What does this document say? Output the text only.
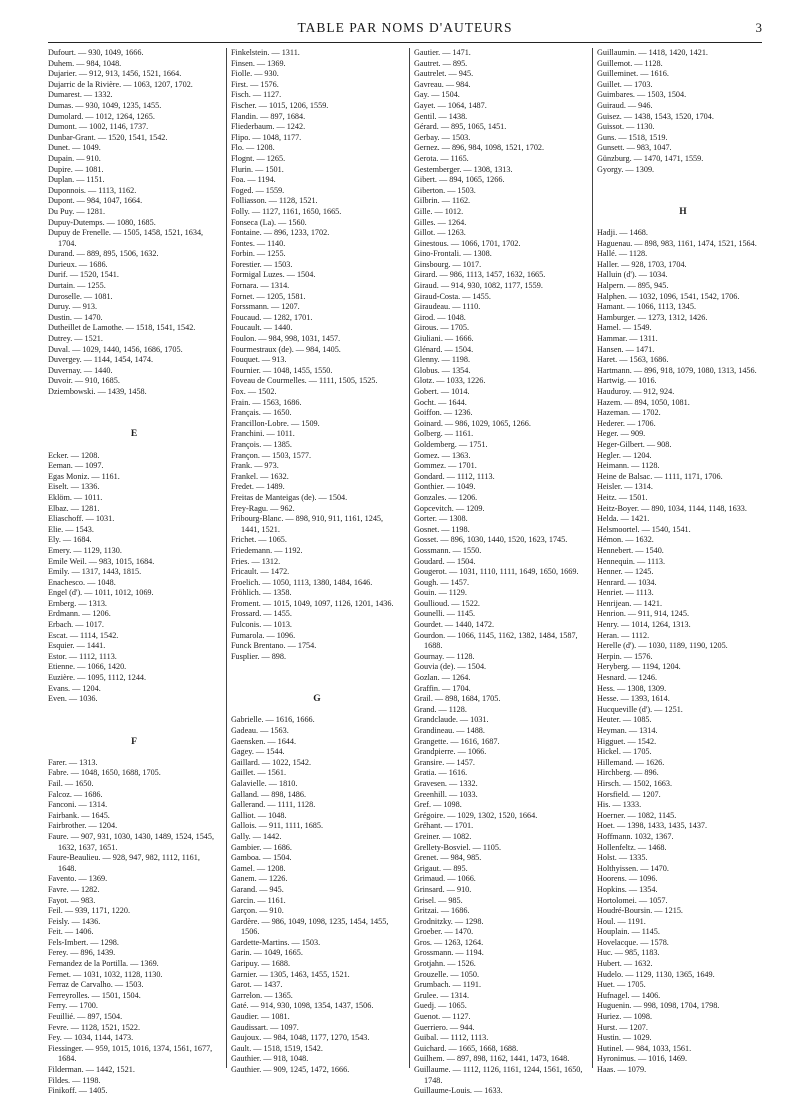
TABLE PAR NOMS D'AUTEURS	3
Dufourt. — 930, 1049, 1666.
Duhem. — 984, 1048.
Dujarier. — 912, 913, 1456, 1521, 1664.
Dujarric de la Rivière. — 1063, 1207, 1702.
Dumarest. — 1332.
Dumas. — 930, 1049, 1235, 1455.
Dumolard. — 1012, 1264, 1265.
Dumont. — 1002, 1146, 1737.
Dunbar-Grant. — 1520, 1541, 1542.
Dunet. — 1049.
Dupain. — 910.
Dupire. — 1081.
Duplan. — 1151.
Duponnois. — 1113, 1162.
Dupont. — 984, 1047, 1664.
Du Puy. — 1281.
Dupuy-Dutemps. — 1080, 1685.
Dupuy de Frenelle. — 1505, 1458, 1521, 1634, 1704.
Durand. — 889, 895, 1506, 1632.
Durieux. — 1686.
Durif. — 1520, 1541.
Durtain. — 1255.
Duroselle. — 1081.
Duruy. — 913.
Dustin. — 1470.
Dutheillet de Lamothe. — 1518, 1541, 1542.
Dutrey. — 1521.
Duval. — 1029, 1440, 1456, 1686, 1705.
Duvergey. — 1144, 1454, 1474.
Duvernay. — 1440.
Duvoir. — 910, 1685.
Dziembowski. — 1439, 1458.
E
Ecker. — 1208.
Eeman. — 1097.
Egas Moniz. — 1161.
Eiselt. — 1336.
Eklöm. — 1011.
Elbaz. — 1281.
Eliaschoff. — 1031.
Elie. — 1543.
Ely. — 1684.
Emery. — 1129, 1130.
Emile Weil. — 983, 1015, 1684.
Emily. — 1317, 1443, 1815.
Enachesco. — 1048.
Engel (d'). — 1011, 1012, 1069.
Ernberg. — 1313.
Erdmann. — 1206.
Erbach. — 1017.
Escat. — 1114, 1542.
Esquier. — 1441.
Estor. — 1112, 1113.
Etienne. — 1066, 1420.
Euzière. — 1095, 1112, 1244.
Evans. — 1204.
Even. — 1036.
F
Farer. — 1313.
Fabre. — 1048, 1650, 1688, 1705.
Fail. — 1650.
Falcoz. — 1686.
Fanconi. — 1314.
Fairbank. — 1645.
Fairbrother. — 1204.
Faure. — 907, 931, 1030, 1430, 1489, 1524, 1545, 1632, 1637, 1651.
Faure-Beaulieu. — 928, 947, 982, 1112, 1161, 1648.
Favento. — 1369.
Favre. — 1282.
Fayot. — 983.
Feil. — 939, 1171, 1220.
Feisly. — 1436.
Feit. — 1406.
Fels-Imbert. — 1298.
Ferey. — 896, 1439.
Fernandez de la Portilla. — 1369.
Fernet. — 1031, 1032, 1128, 1130.
Ferraz de Carvalho. — 1503.
Ferreyrolles. — 1501, 1504.
Ferry. — 1700.
Feuillié. — 897, 1504.
Fevre. — 1128, 1521, 1522.
Fey. — 1034, 1144, 1473.
Fiessinger. — 959, 1015, 1016, 1374, 1561, 1677, 1684.
Filderman. — 1442, 1521.
Fildes. — 1198.
Finikoff. — 1405.
Finkelstein. — 1311.
Finsen. — 1369.
Fiolle. — 930.
First. — 1576.
Fisch. — 1127.
Fischer. — 1015, 1206, 1559.
Flandin. — 897, 1684.
Fliederbaum. — 1242.
Flipo. — 1048, 1177.
Flo. — 1208.
Flognt. — 1265.
Flurin. — 1501.
Foa. — 1194.
Foged. — 1559.
Folliasson. — 1128, 1521.
Folly. — 1127, 1161, 1650, 1665.
Fonseca (La). — 1560.
Fontaine. — 896, 1233, 1702.
Fontes. — 1140.
Forbin. — 1255.
Forestier. — 1503.
Formigal Luzes. — 1504.
Fornara. — 1314.
Fornet. — 1205, 1581.
Forssmann. — 1207.
Foucaud. — 1282, 1701.
Foucault. — 1440.
Foulon. — 984, 998, 1031, 1457.
Fourmestraux (de). — 984, 1405.
Fouquet. — 913.
Fournier. — 1048, 1455, 1550.
Foveau de Courmelles. — 1111, 1505, 1525.
Fox. — 1502.
Frain. — 1563, 1686.
Français. — 1650.
Francillon-Lobre. — 1509.
Franchini. — 1011.
François. — 1385.
Françon. — 1503, 1577.
Frank. — 973.
Frankel. — 1632.
Fredet. — 1489.
Freitas de Manteigas (de). — 1504.
Frey-Ragu. — 962.
Fribourg-Blanc. — 898, 910, 911, 1161, 1245, 1441, 1521.
Frichet. — 1065.
Friedemann. — 1192.
Fries. — 1312.
Fricault. — 1472.
Froelich. — 1050, 1113, 1380, 1484, 1646.
Fröhlich. — 1358.
Froment. — 1015, 1049, 1097, 1126, 1201, 1436.
Frossard. — 1455.
Fulconis. — 1013.
Fumarola. — 1096.
Funck Brentano. — 1754.
Fusplier. — 898.
G
Gabrielle. — 1616, 1666.
Gadeau. — 1563.
Gaensken. — 1644.
Gagey. — 1544.
Gaillard. — 1022, 1542.
Gaillet. — 1561.
Galavielle. — 1810.
Galland. — 898, 1486.
Gallerand. — 1111, 1128.
Galliot. — 1048.
Gallois. — 911, 1111, 1685.
Gally. — 1442.
Gambier. — 1686.
Gamboa. — 1504.
Gamel. — 1208.
Ganem. — 1226.
Garand. — 945.
Garcin. — 1161.
Garçon. — 910.
Gardère. — 986, 1049, 1098, 1235, 1454, 1455, 1506.
Gardette-Martins. — 1503.
Garin. — 1049, 1665.
Garipuy. — 1688.
Garnier. — 1305, 1463, 1455, 1521.
Garot. — 1437.
Garrelon. — 1365.
Gaté. — 914, 930, 1098, 1354, 1437, 1506.
Gaudier. — 1081.
Gaudissart. — 1097.
Gaujoux. — 984, 1048, 1177, 1270, 1543.
Gault. — 1518, 1519, 1542.
Gauthier. — 918, 1048.
Gauthier. — 909, 1245, 1472, 1666.
Gautier. — 1471.
Gautret. — 895.
Gautrelet. — 945.
Gavreau. — 984.
Gay. — 1504.
Gayet. — 1064, 1487.
Gentil. — 1438.
Gérard. — 895, 1065, 1451.
Gerbay. — 1503.
Gernez. — 896, 984, 1098, 1521, 1702.
Gerota. — 1165.
Gestemberger. — 1308, 1313.
Gibert. — 894, 1065, 1266.
Giberton. — 1503.
Gilbrin. — 1162.
Gille. — 1012.
Gilles. — 1264.
Gillot. — 1263.
Ginestous. — 1066, 1701, 1702.
Gino-Frontali. — 1308.
Ginsbourg. — 1017.
Girard. — 986, 1113, 1457, 1632, 1665.
Giraud. — 914, 930, 1082, 1177, 1559.
Giraud-Costa. — 1455.
Giraudeau. — 1110.
Girod. — 1048.
Girous. — 1705.
Giuliani. — 1666.
Glénard. — 1504.
Glenny. — 1198.
Globus. — 1354.
Glotz. — 1033, 1226.
Gobert. — 1014.
Gocht. — 1644.
Goiffon. — 1236.
Goinard. — 986, 1029, 1065, 1266.
Golberg. — 1161.
Goldemberg. — 1751.
Gomez. — 1363.
Gommez. — 1701.
Gondard. — 1112, 1113.
Gonthier. — 1049.
Gonzales. — 1206.
Gopcevitch. — 1209.
Gorter. — 1308.
Gosnet. — 1198.
Gosset. — 896, 1030, 1440, 1520, 1623, 1745.
Gossmann. — 1550.
Goudard. — 1504.
Gougerot. — 1031, 1110, 1111, 1649, 1650, 1669.
Gough. — 1457.
Gouin. — 1129.
Goullioud. — 1522.
Gounelli. — 1145.
Gourdet. — 1440, 1472.
Gourdon. — 1066, 1145, 1162, 1382, 1484, 1587, 1688.
Gournay. — 1128.
Gouvia (de). — 1504.
Gozlan. — 1264.
Graffin. — 1704.
Grail. — 898, 1684, 1705.
Grand. — 1128.
Grandclaude. — 1031.
Grandineau. — 1488.
Grangette. — 1616, 1687.
Grandpierre. — 1066.
Gransire. — 1457.
Gratia. — 1616.
Gravesen. — 1332.
Greenhill. — 1033.
Gref. — 1098.
Grégoire. — 1029, 1302, 1520, 1664.
Gréhant. — 1701.
Greiner. — 1082.
Grellety-Bosviel. — 1105.
Grenet. — 984, 985.
Grigaut. — 895.
Grimaud. — 1066.
Grinsard. — 910.
Grisel. — 985.
Gritzai. — 1686.
Grodnitzky. — 1298.
Groeber. — 1470.
Gros. — 1263, 1264.
Grossmann. — 1194.
Grotjahn. — 1526.
Grouzelle. — 1050.
Grumbach. — 1191.
Grulee. — 1314.
Guedj. — 1065.
Guenot. — 1127.
Guerriero. — 944.
Guibal. — 1112, 1113.
Guichard. — 1665, 1668, 1688.
Guilhem. — 897, 898, 1162, 1441, 1473, 1648.
Guillaume. — 1112, 1126, 1161, 1244, 1561, 1650, 1748.
Guillaume-Louis. — 1633.
Guillaumin. — 1418, 1420, 1421.
Guillemot. — 1128.
Guilleminet. — 1616.
Guillet. — 1703.
Guimbares. — 1503, 1504.
Guiraud. — 946.
Guisez. — 1438, 1543, 1520, 1704.
Guissot. — 1130.
Guns. — 1518, 1519.
Gunsett. — 983, 1047.
Günzburg. — 1470, 1471, 1559.
Gyorgy. — 1309.
H
Hadji. — 1468.
Haguenau. — 898, 983, 1161, 1474, 1521, 1564.
Hallé. — 1128.
Haller. — 928, 1703, 1704.
Halluin (d'). — 1034.
Halpern. — 895, 945.
Halphen. — 1032, 1096, 1541, 1542, 1706.
Hamant. — 1066, 1113, 1345.
Hamburger. — 1273, 1312, 1426.
Hamel. — 1549.
Hammar. — 1311.
Hansen. — 1471.
Haret. — 1563, 1686.
Hartmann. — 896, 918, 1079, 1080, 1313, 1456.
Hartwig. — 1016.
Hauduroy. — 912, 924.
Hazem. — 894, 1050, 1081.
Hazeman. — 1702.
Hederer. — 1706.
Heger. — 909.
Heger-Gilbert. — 908.
Hegler. — 1204.
Heimann. — 1128.
Heine de Balsac. — 1111, 1171, 1706.
Heisler. — 1314.
Heitz. — 1501.
Heitz-Boyer. — 890, 1034, 1144, 1148, 1633.
Helda. — 1421.
Helsmoortel. — 1540, 1541.
Hémon. — 1632.
Hennebert. — 1540.
Hennequin. — 1113.
Henner. — 1245.
Henrard. — 1034.
Henriet. — 1113.
Henrijean. — 1421.
Henrion. — 911, 914, 1245.
Henry. — 1014, 1264, 1313.
Heran. — 1112.
Herelle (d'). — 1030, 1189, 1190, 1205.
Herpin. — 1576.
Heryberg. — 1194, 1204.
Hesnard. — 1246.
Hess. — 1308, 1309.
Hesse. — 1393, 1614.
Hucqueville (d'). — 1251.
Heuter. — 1085.
Heyman. — 1314.
Higguet. — 1542.
Hickel. — 1705.
Hillemand. — 1626.
Hirchberg. — 896.
Hirsch. — 1502, 1663.
Horsfield. — 1207.
His. — 1333.
Hoerner. — 1082, 1145.
Hoet. — 1398, 1433, 1435, 1437.
Hoffmann. 1032, 1367.
Hollenfeltz. — 1468.
Holst. — 1335.
Holthyissen. — 1470.
Hoorens. — 1096.
Hopkins. — 1354.
Hortolomei. — 1057.
Houdré-Boursin. — 1215.
Houl. — 1191.
Houplain. — 1145.
Hovelacque. — 1578.
Huc. — 985, 1183.
Hubert. — 1632.
Hudelo. — 1129, 1130, 1365, 1649.
Huet. — 1705.
Hufnagel. — 1406.
Huguenin. — 998, 1098, 1704, 1798.
Huriez. — 1098.
Hurst. — 1207.
Hustin. — 1029.
Hutinel. — 984, 1033, 1561.
Hyronimus. — 1016, 1469.
Haas. — 1079.
